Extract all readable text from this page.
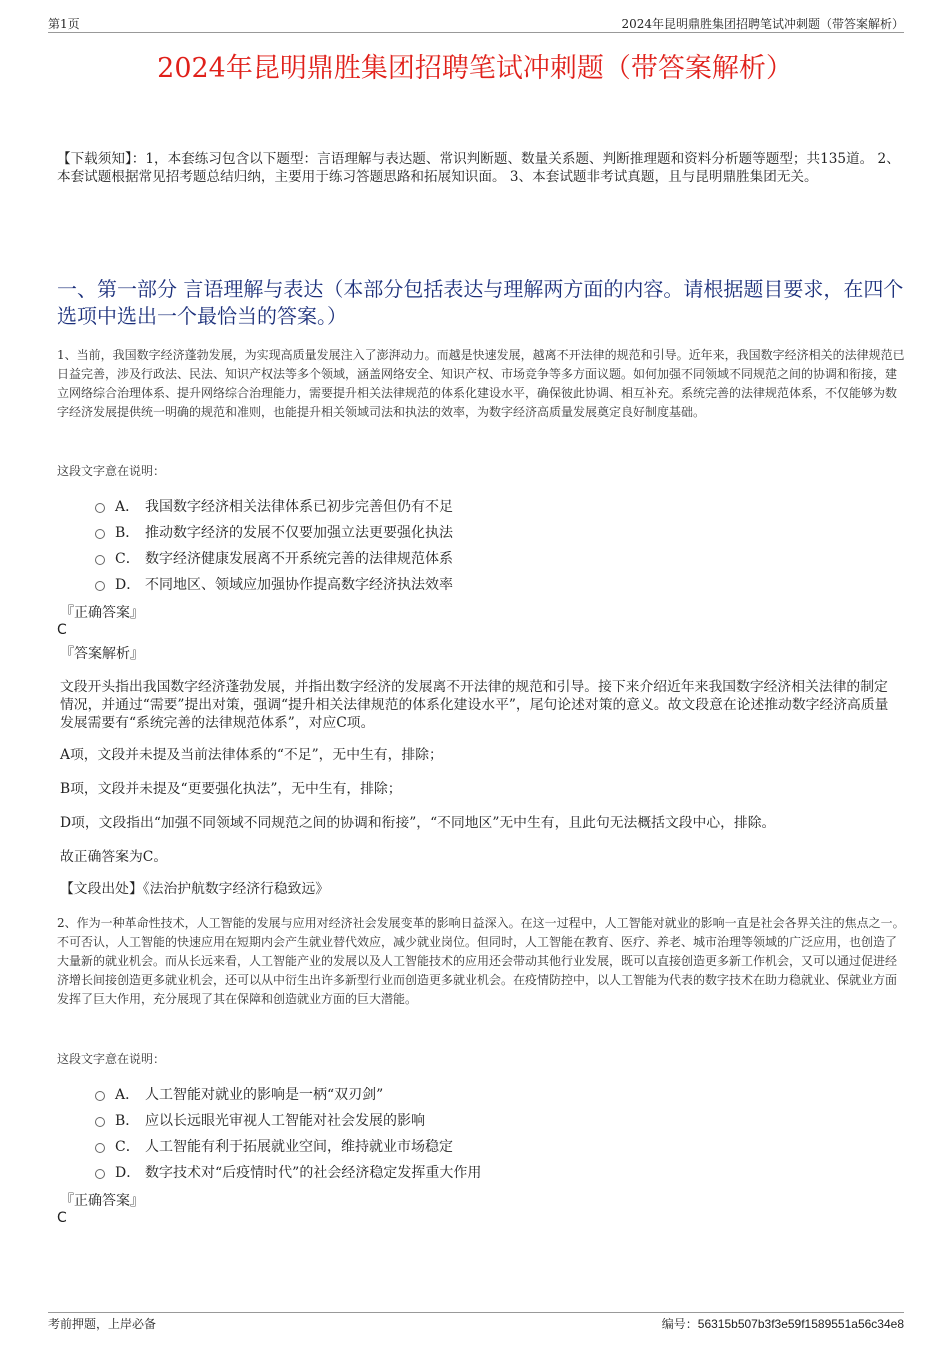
第1页	2024年昆明鼎胜集团招聘笔试冲刺题（带答案解析）
2024年昆明鼎胜集团招聘笔试冲刺题（带答案解析）
【下载须知】：1，本套练习包含以下题型：言语理解与表达题、常识判断题、数量关系题、判断推理题和资料分析题等题型；共135道。 2、本套试题根据常见招考题总结归纳，主要用于练习答题思路和拓展知识面。 3、本套试题非考试真题，且与昆明鼎胜集团无关。
一、第一部分 言语理解与表达（本部分包括表达与理解两方面的内容。请根据题目要求，在四个选项中选出一个最恰当的答案。）
1、当前，我国数字经济蓬勃发展，为实现高质量发展注入了澎湃动力。而越是快速发展，越离不开法律的规范和引导。近年来，我国数字经济相关的法律规范已日益完善，涉及行政法、民法、知识产权法等多个领域，涵盖网络安全、知识产权、市场竞争等多方面议题。如何加强不同领域不同规范之间的协调和衔接，建立网络综合治理体系、提升网络综合治理能力，需要提升相关法律规范的体系化建设水平，确保彼此协调、相互补充。系统完善的法律规范体系，不仅能够为数字经济发展提供统一明确的规范和准则，也能提升相关领域司法和执法的效率，为数字经济高质量发展奠定良好制度基础。
这段文字意在说明：
A． 我国数字经济相关法律体系已初步完善但仍有不足
B． 推动数字经济的发展不仅要加强立法更要强化执法
C． 数字经济健康发展离不开系统完善的法律规范体系
D． 不同地区、领域应加强协作提高数字经济执法效率
『正确答案』
C
『答案解析』
文段开头指出我国数字经济蓬勃发展，并指出数字经济的发展离不开法律的规范和引导。接下来介绍近年来我国数字经济相关法律的制定情况，并通过“需要”提出对策，强调“提升相关法律规范的体系化建设水平”，尾句论述对策的意义。故文段意在论述推动数字经济高质量发展需要有“系统完善的法律规范体系”，对应C项。
A项，文段并未提及当前法律体系的“不足”，无中生有，排除；
B项，文段并未提及“更要强化执法”，无中生有，排除；
D项，文段指出“加强不同领域不同规范之间的协调和衔接”，“不同地区”无中生有，且此句无法概括文段中心，排除。
故正确答案为C。
【文段出处】《法治护航数字经济行稳致远》
2、作为一种革命性技术，人工智能的发展与应用对经济社会发展变革的影响日益深入。在这一过程中，人工智能对就业的影响一直是社会各界关注的焦点之一。不可否认，人工智能的快速应用在短期内会产生就业替代效应，减少就业岗位。但同时，人工智能在教育、医疗、养老、城市治理等领域的广泛应用，也创造了大量新的就业机会。而从长远来看，人工智能产业的发展以及人工智能技术的应用还会带动其他行业发展，既可以直接创造更多新工作机会，又可以通过促进经济增长间接创造更多就业机会，还可以从中衍生出许多新型行业而创造更多就业机会。在疫情防控中，以人工智能为代表的数字技术在助力稳就业、保就业方面发挥了巨大作用，充分展现了其在保障和创造就业方面的巨大潜能。
这段文字意在说明：
A． 人工智能对就业的影响是一柄“双刃剑”
B． 应以长远眼光审视人工智能对社会发展的影响
C． 人工智能有利于拓展就业空间，维持就业市场稳定
D． 数字技术对“后疫情时代”的社会经济稳定发挥重大作用
『正确答案』
C
考前押题，上岸必备	编号：56315b507b3f3e59f1589551a56c34e8
